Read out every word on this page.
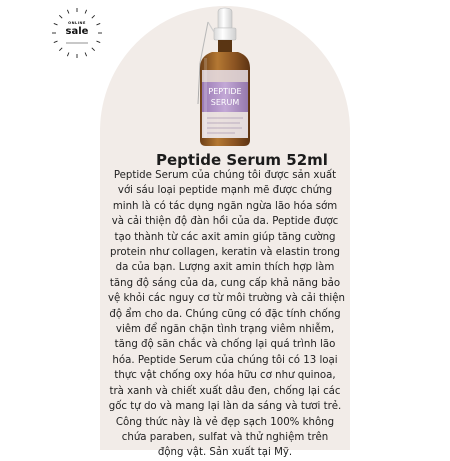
ONLINE
sale
PEPTIDE
SERUM
Peptide Serum 52ml
Peptide Serum của chúng tôi được sản xuất
với sáu loại peptide mạnh mẽ được chứng
minh là có tác dụng ngăn ngừa lão hóa sớm
và cải thiện độ đàn hồi của da. Peptide được
tạo thành từ các axit amin giúp tăng cường
protein như collagen, keratin và elastin trong
da của bạn. Lượng axit amin thích hợp làm
tăng độ sáng của da, cung cấp khả năng bảo
vệ khỏi các nguy cơ từ môi trường và cải thiện
độ ẩm cho da. Chúng cũng có đặc tính chống
viêm để ngăn chặn tình trạng viêm nhiễm,
tăng độ săn chắc và chống lại quá trình lão
hóa. Peptide Serum của chúng tôi có 13 loại
thực vật chống oxy hóa hữu cơ như quinoa,
trà xanh và chiết xuất dâu đen, chống lại các
gốc tự do và mang lại làn da sáng và tươi trẻ.
Công thức này là vẻ đẹp sạch 100% không
chứa paraben, sulfat và thử nghiệm trên
động vật. Sản xuất tại Mỹ.
